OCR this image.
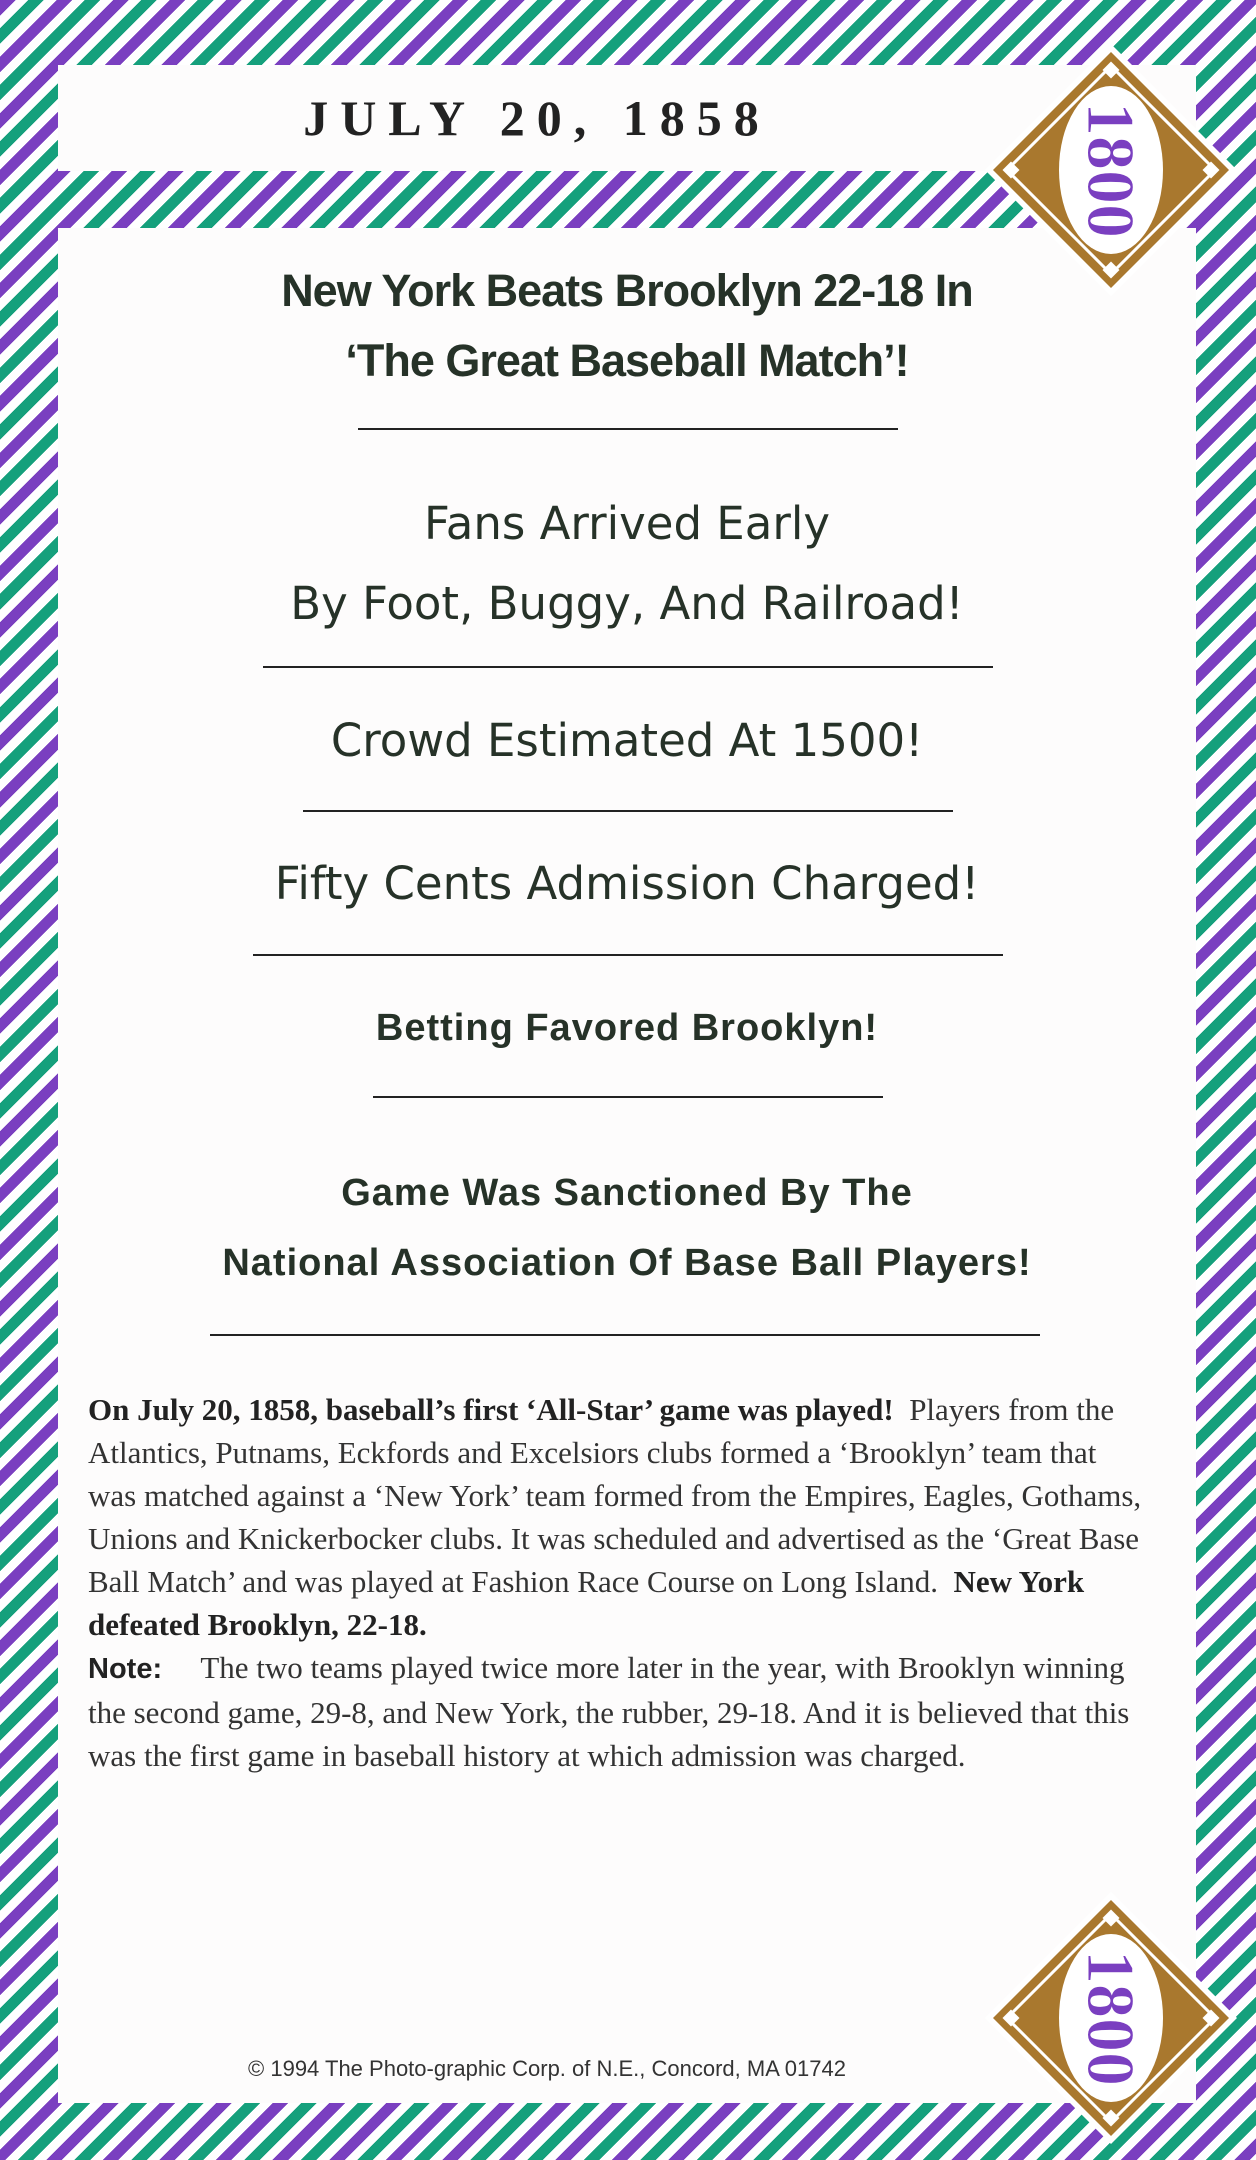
JULY 20, 1858
New York Beats Brooklyn 22-18 In
‘The Great Baseball Match’!
Fans Arrived Early
By Foot, Buggy, And Railroad!
Crowd Estimated At 1500!
Fifty Cents Admission Charged!
Betting Favored Brooklyn!
Game Was Sanctioned By The
National Association Of Base Ball Players!
On July 20, 1858, baseball’s first ‘All-Star’ game was played! Players from the Atlantics, Putnams, Eckfords and Excelsiors clubs formed a ‘Brooklyn’ team that was matched against a ‘New York’ team formed from the Empires, Eagles, Gothams, Unions and Knickerbocker clubs. It was scheduled and advertised as the ‘Great Base Ball Match’ and was played at Fashion Race Course on Long Island. New York defeated Brooklyn, 22-18.
Note: The two teams played twice more later in the year, with Brooklyn winning the second game, 29-8, and New York, the rubber, 29-18. And it is believed that this was the first game in baseball history at which admission was charged.
© 1994 The Photo-graphic Corp. of N.E., Concord, MA 01742
1800
1800
